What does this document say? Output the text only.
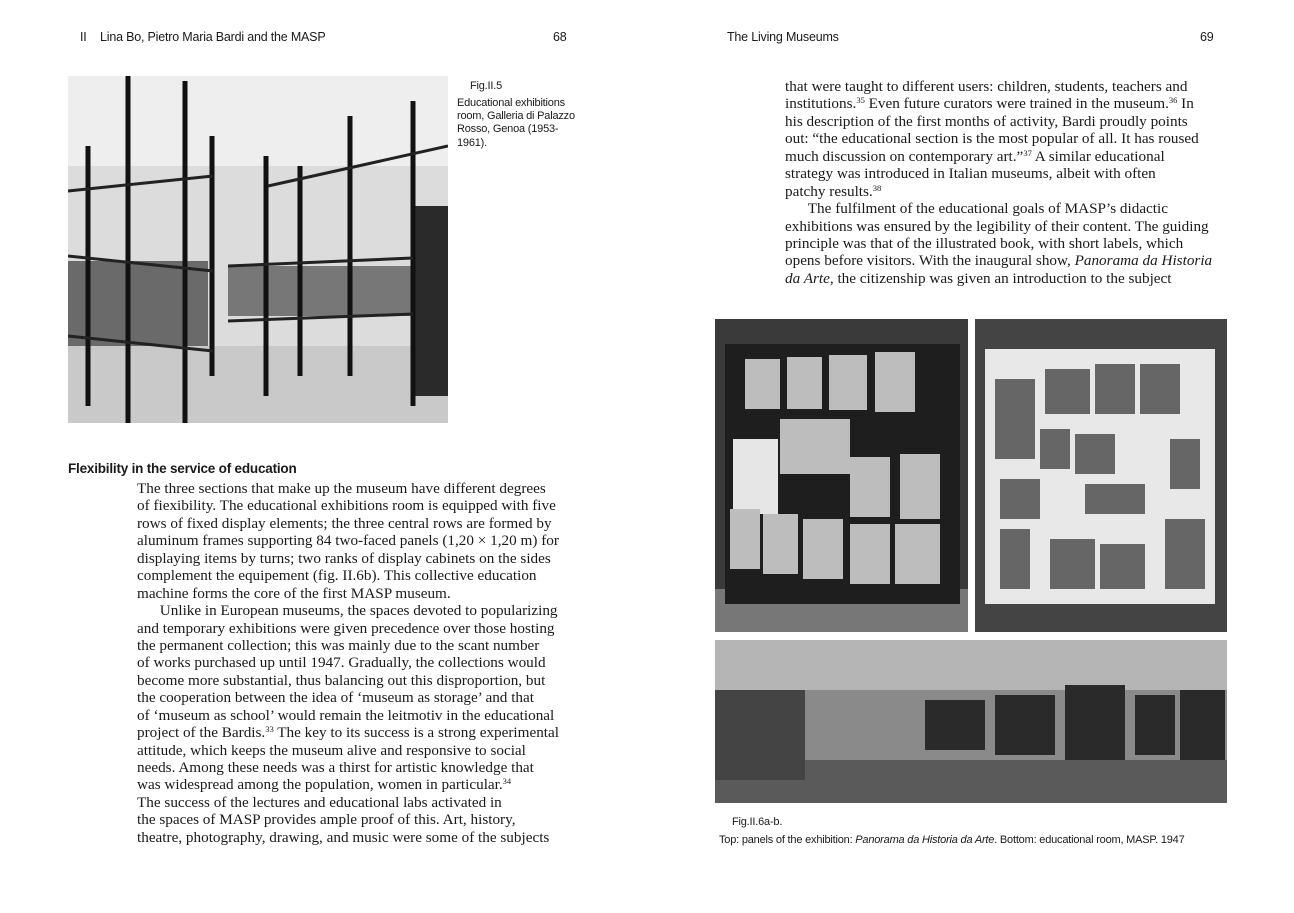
II Lina Bo, Pietro Maria Bardi and the MASP	68
Fig.II.5
Educational exhibitions
room, Galleria di Palazzo
Rosso, Genoa (1953-
1961).
Flexibility in the service of education
The three sections that make up the museum have different degrees
of fiexibility. The educational exhibitions room is equipped with five
rows of fixed display elements; the three central rows are formed by
aluminum frames supporting 84 two-faced panels (1,20 × 1,20 m) for
displaying items by turns; two ranks of display cabinets on the sides
complement the equipement (fig. II.6b). This collective education
machine forms the core of the first MASP museum.
  Unlike in European museums, the spaces devoted to popularizing
and temporary exhibitions were given precedence over those hosting
the permanent collection; this was mainly due to the scant number
of works purchased up until 1947. Gradually, the collections would
become more substantial, thus balancing out this disproportion, but
the cooperation between the idea of ‘museum as storage’ and that
of ‘museum as school’ would remain the leitmotiv in the educational
project of the Bardis.$^{33}$ The key to its success is a strong experimental
attitude, which keeps the museum alive and responsive to social
needs. Among these needs was a thirst for artistic knowledge that
was widespread among the population, women in particular.$^{34}$
The success of the lectures and educational labs activated in
the spaces of MASP provides ample proof of this. Art, history,
theatre, photography, drawing, and music were some of the subjects
The Living Museums	69
that were taught to different users: children, students, teachers and
institutions.$^{35}$ Even future curators were trained in the museum.$^{36}$ In
his description of the first months of activity, Bardi proudly points
out: “the educational section is the most popular of all. It has roused
much discussion on contemporary art.”$^{37}$ A similar educational
strategy was introduced in Italian museums, albeit with often
patchy results.$^{38}$
  The fulfilment of the educational goals of MASP’s didactic
exhibitions was ensured by the legibility of their content. The guiding
principle was that of the illustrated book, with short labels, which
opens before visitors. With the inaugural show, Panorama da Historia
da Arte, the citizenship was given an introduction to the subject
Fig.II.6a-b.
Top: panels of the exhibition: Panorama da Historia da Arte. Bottom: educational room, MASP. 1947
